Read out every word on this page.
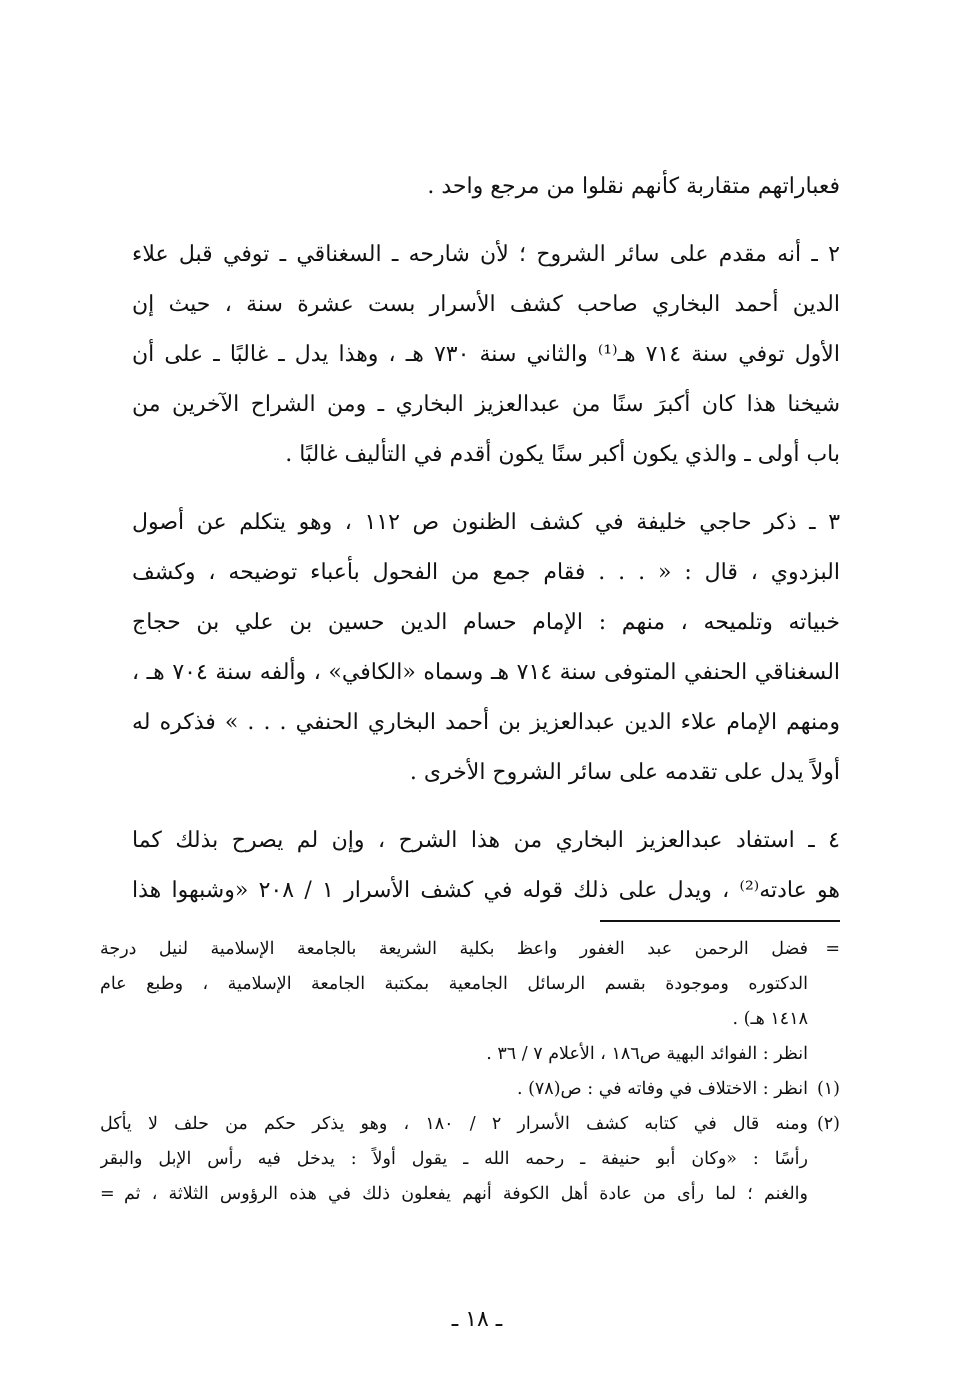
فعباراتهم متقاربة كأنهم نقلوا من مرجع واحد .
٢ ـ أنه مقدم على سائر الشروح ؛ لأن شارحه ـ السغناقي ـ توفي قبل علاء
الدين أحمد البخاري صاحب كشف الأسرار بست عشرة سنة ، حيث إن
الأول توفي سنة ٧١٤ هـ⁽¹⁾ والثاني سنة ٧٣٠ هـ ، وهذا يدل ـ غالبًا ـ على أن
شيخنا هذا كان أكبرَ سنًا من عبدالعزيز البخاري ـ ومن الشراح الآخرين من
باب أولى ـ والذي يكون أكبر سنًا يكون أقدم في التأليف غالبًا .
٣ ـ ذكر حاجي خليفة في كشف الظنون ص ١١٢ ، وهو يتكلم عن أصول
البزدوي ، قال : « . . . فقام جمع من الفحول بأعباء توضيحه ، وكشف
خبياته وتلميحه ، منهم : الإمام حسام الدين حسين بن علي بن حجاج
السغناقي الحنفي المتوفى سنة ٧١٤ هـ وسماه «الكافي» ، وألفه سنة ٧٠٤ هـ ،
ومنهم الإمام علاء الدين عبدالعزيز بن أحمد البخاري الحنفي . . . » فذكره له
أولاً يدل على تقدمه على سائر الشروح الأخرى .
٤ ـ استفاد عبدالعزيز البخاري من هذا الشرح ، وإن لم يصرح بذلك كما
هو عادته⁽²⁾ ، ويدل على ذلك قوله في كشف الأسرار ١ / ٢٠٨ «وشبهوا هذا
=
فضل الرحمن عبد الغفور واعظ بكلية الشريعة بالجامعة الإسلامية لنيل درجة
الدكتوره وموجودة بقسم الرسائل الجامعية بمكتبة الجامعة الإسلامية ، وطبع عام
١٤١٨ هـ) .
انظر : الفوائد البهية ص١٨٦ ، الأعلام ٧ / ٣٦ .
(١)
انظر : الاختلاف في وفاته في : ص(٧٨) .
(٢)
ومنه قال في كتابه كشف الأسرار ٢ / ١٨٠ ، وهو يذكر حكم من حلف لا يأكل
رأسًا : «وكان أبو حنيفة ـ رحمه الله ـ يقول أولاً : يدخل فيه رأس الإبل والبقر
والغنم ؛ لما رأى من عادة أهل الكوفة أنهم يفعلون ذلك في هذه الرؤوس الثلاثة ، ثم
=
ـ ١٨ ـ
